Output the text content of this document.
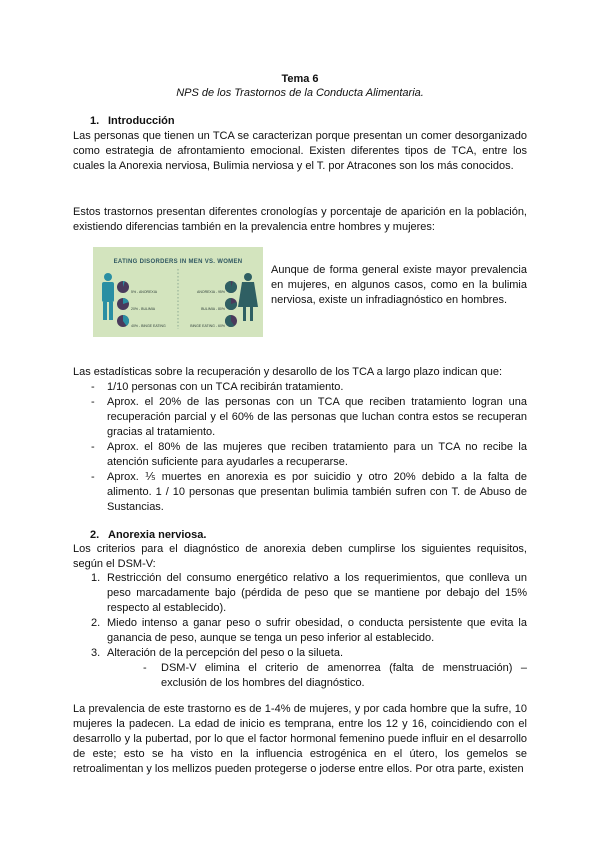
Tema 6
NPS de los Trastornos de la Conducta Alimentaria.
1. Introducción
Las personas que tienen un TCA se caracterizan porque presentan un comer desorganizado como estrategia de afrontamiento emocional. Existen diferentes tipos de TCA, entre los cuales la Anorexia nerviosa, Bulimia nerviosa y el T. por Atracones son los más conocidos.
Estos trastornos presentan diferentes cronologías y porcentaje de aparición en la población, existiendo diferencias también en la prevalencia entre hombres y mujeres:
EATING DISORDERS IN MEN VS. WOMEN
5% - ANOREXIA
20% - BULIMIA
40% - BINGE EATING
ANOREXIA - 95%
BULIMIA - 80%
BINGE EATING - 60%
Aunque de forma general existe mayor prevalencia en mujeres, en algunos casos, como en la bulimia nerviosa, existe un infradiagnóstico en hombres.
Las estadísticas sobre la recuperación y desarollo de los TCA a largo plazo indican que:
- 1/10 personas con un TCA recibirán tratamiento.
- Aprox. el 20% de las personas con un TCA que reciben tratamiento logran una recuperación parcial y el 60% de las personas que luchan contra estos se recuperan gracias al tratamiento.
- Aprox. el 80% de las mujeres que reciben tratamiento para un TCA no recibe la atención suficiente para ayudarles a recuperarse.
- Aprox. ⅕ muertes en anorexia es por suicidio y otro 20% debido a la falta de alimento. 1 / 10 personas que presentan bulimia también sufren con T. de Abuso de Sustancias.
2. Anorexia nerviosa.
Los criterios para el diagnóstico de anorexia deben cumplirse los siguientes requisitos, según el DSM-V:
1. Restricción del consumo energético relativo a los requerimientos, que conlleva un peso marcadamente bajo (pérdida de peso que se mantiene por debajo del 15% respecto al establecido).
2. Miedo intenso a ganar peso o sufrir obesidad, o conducta persistente que evita la ganancia de peso, aunque se tenga un peso inferior al establecido.
3. Alteración de la percepción del peso o la silueta.
- DSM-V elimina el criterio de amenorrea (falta de menstruación) – exclusión de los hombres del diagnóstico.
La prevalencia de este trastorno es de 1-4% de mujeres, y por cada hombre que la sufre, 10 mujeres la padecen. La edad de inicio es temprana, entre los 12 y 16, coincidiendo con el desarrollo y la pubertad, por lo que el factor hormonal femenino puede influir en el desarrollo de este; esto se ha visto en la influencia estrogénica en el útero, los gemelos se retroalimentan y los mellizos pueden protegerse o joderse entre ellos. Por otra parte, existen
